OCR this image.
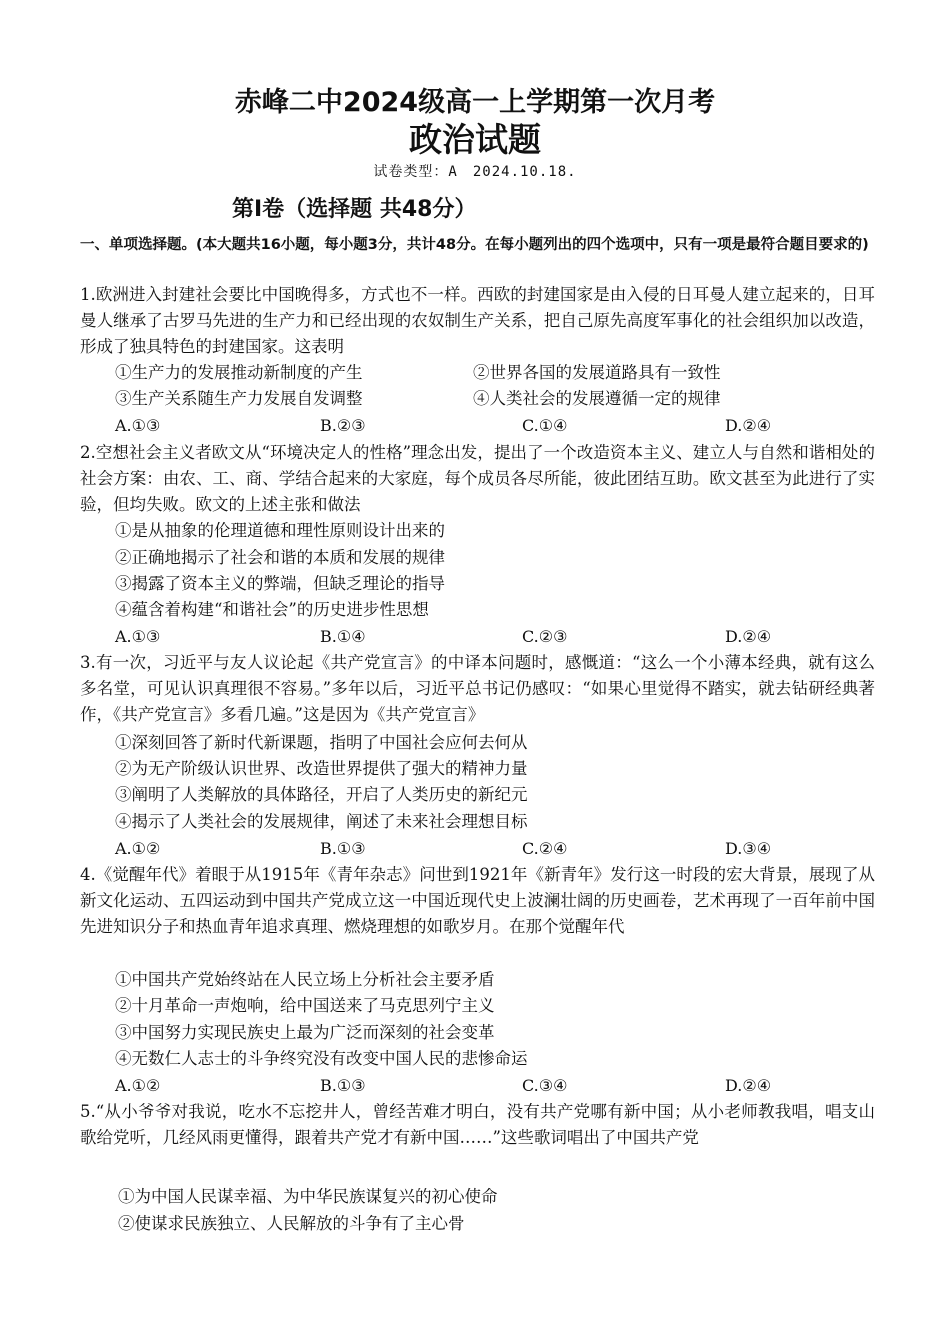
赤峰二中2024级高一上学期第一次月考
政治试题
试卷类型：A　2024.10.18.
第Ⅰ卷（选择题 共48分）
一、单项选择题。(本大题共16小题，每小题3分，共计48分。在每小题列出的四个选项中，只有一项是最符合题目要求的)
1.欧洲进入封建社会要比中国晚得多，方式也不一样。西欧的封建国家是由入侵的日耳曼人建立起来的，日耳曼人继承了古罗马先进的生产力和已经出现的农奴制生产关系，把自己原先高度军事化的社会组织加以改造，形成了独具特色的封建国家。这表明
①生产力的发展推动新制度的产生	②世界各国的发展道路具有一致性
③生产关系随生产力发展自发调整	④人类社会的发展遵循一定的规律
A.①③	B.②③	C.①④	D.②④
2.空想社会主义者欧文从“环境决定人的性格”理念出发，提出了一个改造资本主义、建立人与自然和谐相处的社会方案：由农、工、商、学结合起来的大家庭，每个成员各尽所能，彼此团结互助。欧文甚至为此进行了实验，但均失败。欧文的上述主张和做法
①是从抽象的伦理道德和理性原则设计出来的
②正确地揭示了社会和谐的本质和发展的规律
③揭露了资本主义的弊端，但缺乏理论的指导
④蕴含着构建“和谐社会”的历史进步性思想
A.①③	B.①④	C.②③	D.②④
3.有一次，习近平与友人议论起《共产党宣言》的中译本问题时，感慨道：“这么一个小薄本经典，就有这么多名堂，可见认识真理很不容易。”多年以后，习近平总书记仍感叹：“如果心里觉得不踏实，就去钻研经典著作，《共产党宣言》多看几遍。”这是因为《共产党宣言》
①深刻回答了新时代新课题，指明了中国社会应何去何从
②为无产阶级认识世界、改造世界提供了强大的精神力量
③阐明了人类解放的具体路径，开启了人类历史的新纪元
④揭示了人类社会的发展规律，阐述了未来社会理想目标
A.①②	B.①③	C.②④	D.③④
4.《觉醒年代》着眼于从1915年《青年杂志》问世到1921年《新青年》发行这一时段的宏大背景，展现了从新文化运动、五四运动到中国共产党成立这一中国近现代史上波澜壮阔的历史画卷，艺术再现了一百年前中国先进知识分子和热血青年追求真理、燃烧理想的如歌岁月。在那个觉醒年代
①中国共产党始终站在人民立场上分析社会主要矛盾
②十月革命一声炮响，给中国送来了马克思列宁主义
③中国努力实现民族史上最为广泛而深刻的社会变革
④无数仁人志士的斗争终究没有改变中国人民的悲惨命运
A.①②	B.①③	C.③④	D.②④
5.“从小爷爷对我说，吃水不忘挖井人，曾经苦难才明白，没有共产党哪有新中国；从小老师教我唱，唱支山歌给党听，几经风雨更懂得，跟着共产党才有新中国……”这些歌词唱出了中国共产党
①为中国人民谋幸福、为中华民族谋复兴的初心使命
②使谋求民族独立、人民解放的斗争有了主心骨
